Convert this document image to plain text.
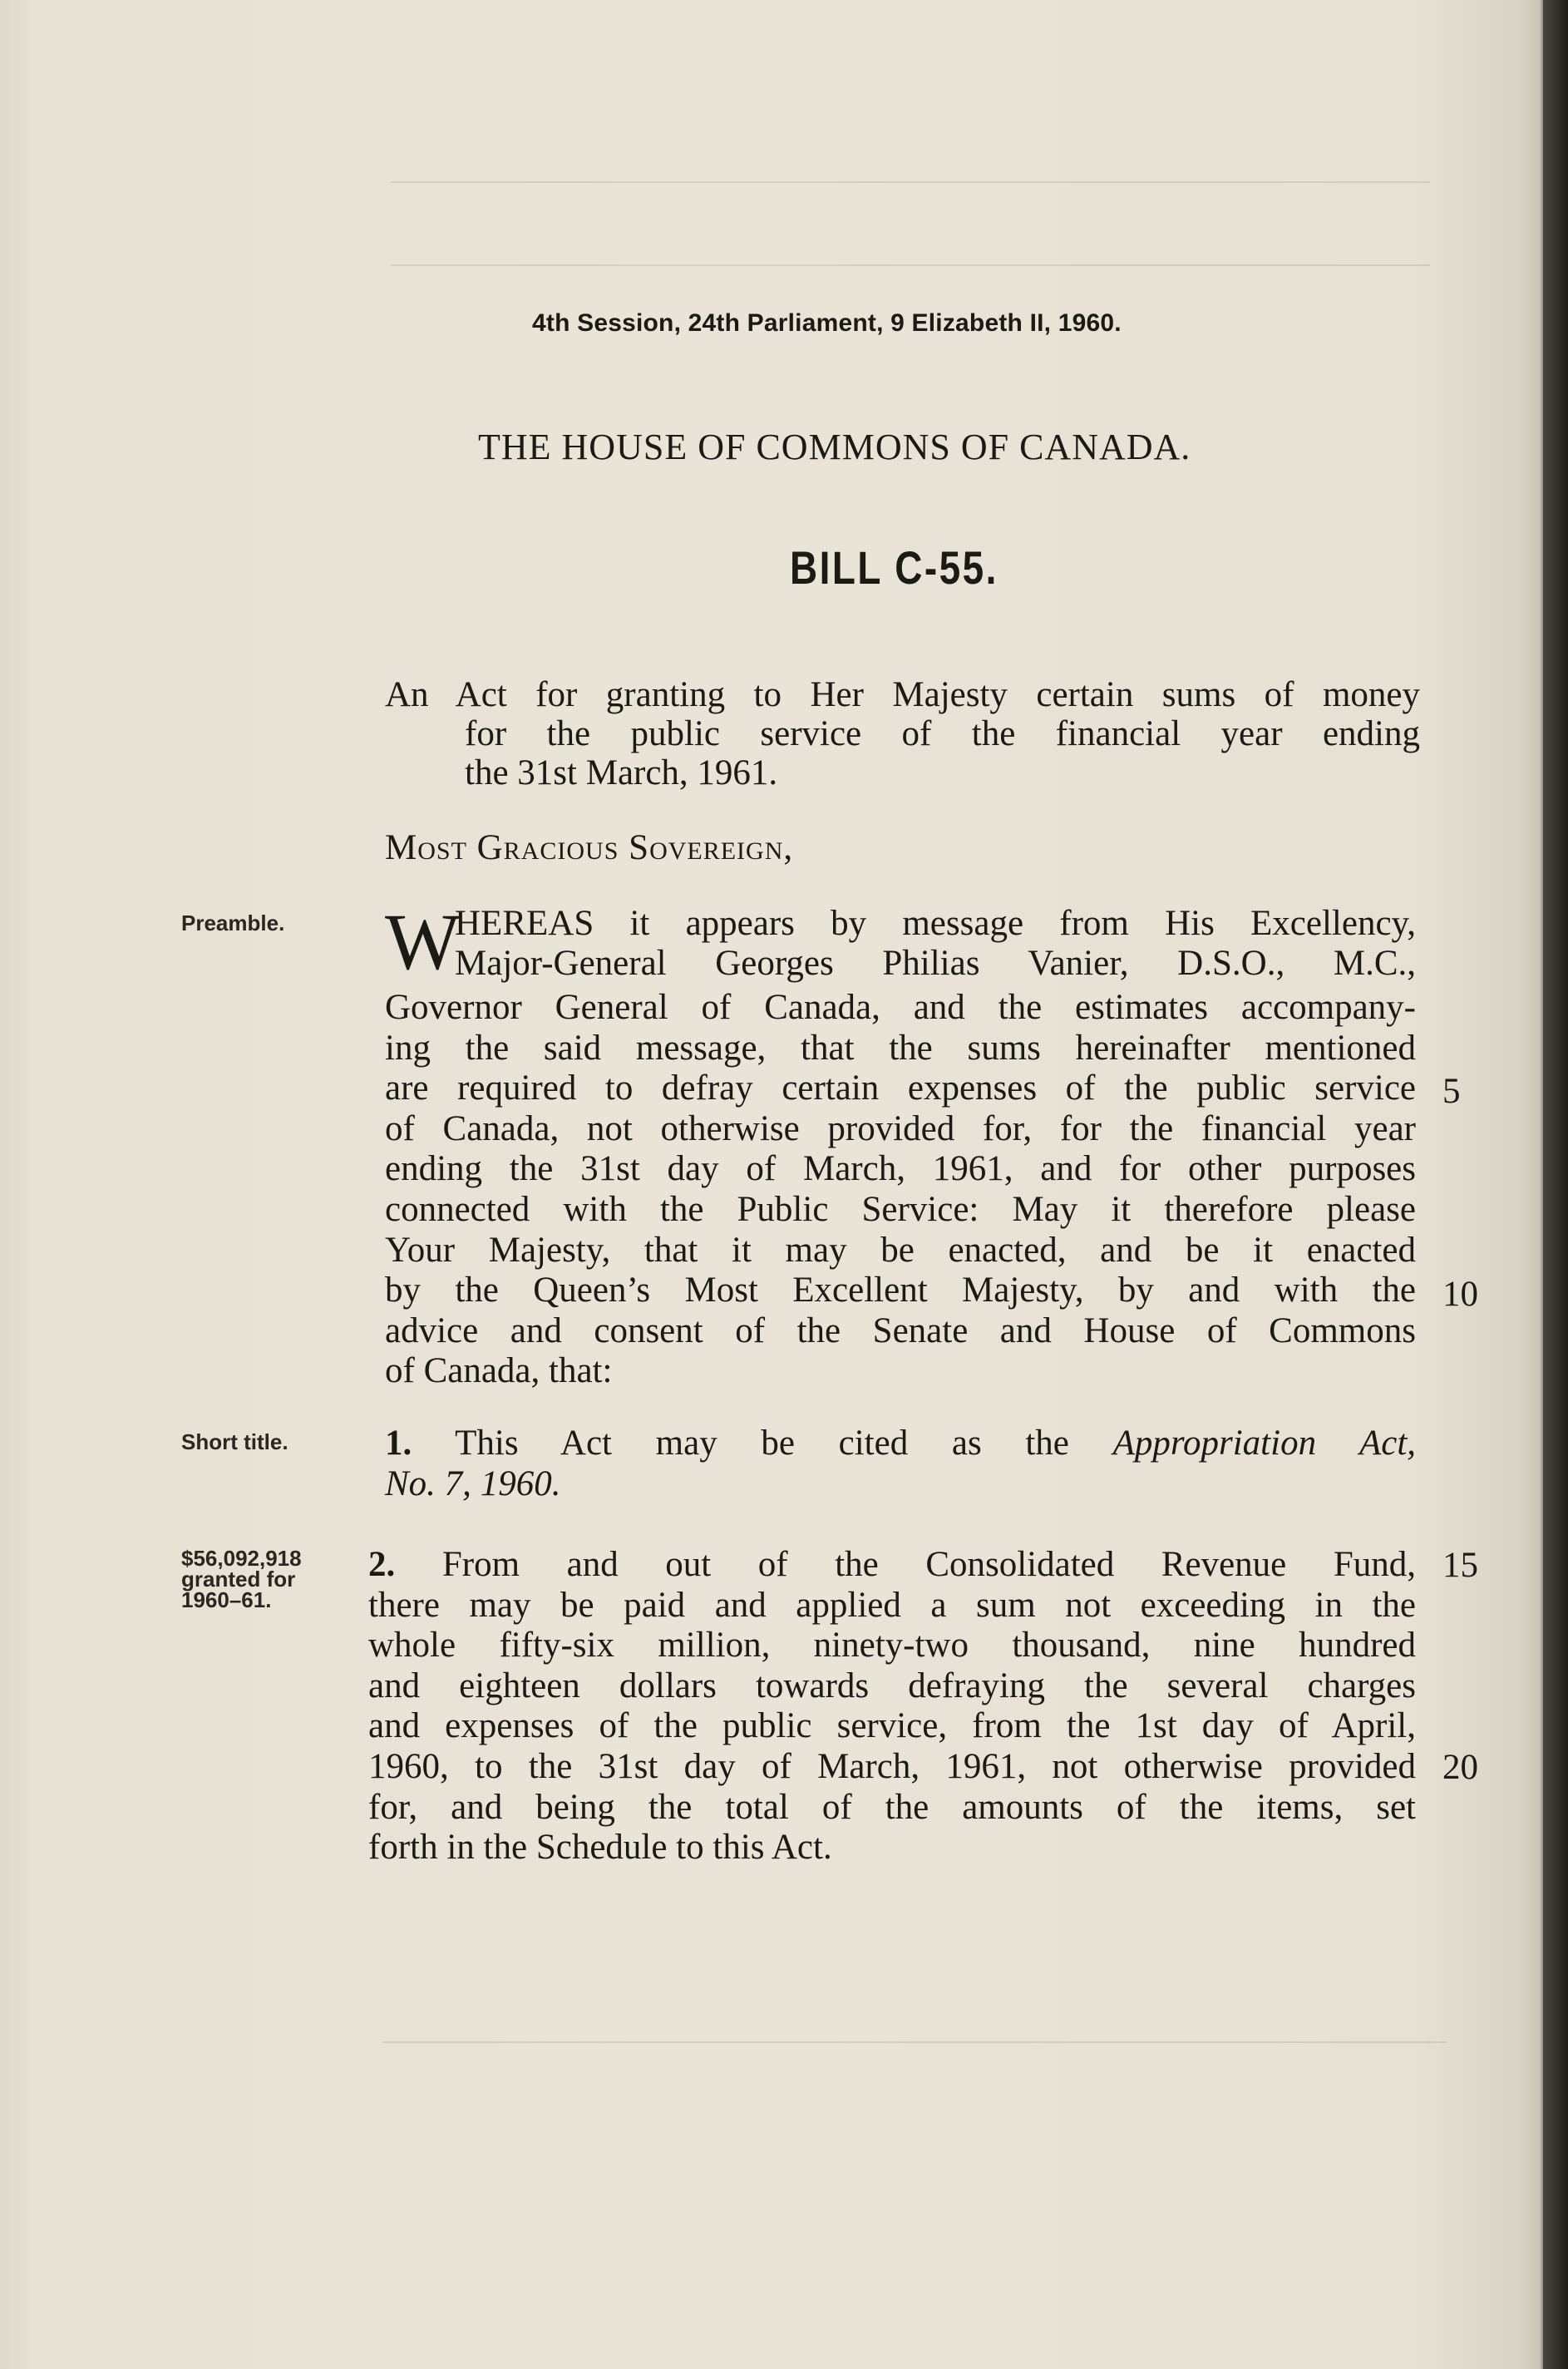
4th Session, 24th Parliament, 9 Elizabeth II, 1960.
THE HOUSE OF COMMONS OF CANADA.
BILL C-55.
An Act for granting to Her Majesty certain sums of money
for the public service of the financial year ending
the 31st March, 1961.
Most Gracious Sovereign,
Preamble.	W
HEREAS it appears by message from His Excellency,
Major-General Georges Philias Vanier, D.S.O., M.C.,
Governor General of Canada, and the estimates accompany-
ing the said message, that the sums hereinafter mentioned
are required to defray certain expenses of the public service
of Canada, not otherwise provided for, for the financial year
ending the 31st day of March, 1961, and for other purposes
connected with the Public Service: May it therefore please
Your Majesty, that it may be enacted, and be it enacted
by the Queen’s Most Excellent Majesty, by and with the
advice and consent of the Senate and House of Commons
of Canada, that:
5
10
Short title.	1. This Act may be cited as the Appropriation Act,
No. 7, 1960.
$56,092,918
granted for
1960–61.
2. From and out of the Consolidated Revenue Fund,
there may be paid and applied a sum not exceeding in the
whole fifty-six million, ninety-two thousand, nine hundred
and eighteen dollars towards defraying the several charges
and expenses of the public service, from the 1st day of April,
1960, to the 31st day of March, 1961, not otherwise provided
for, and being the total of the amounts of the items, set
forth in the Schedule to this Act.
15
20
